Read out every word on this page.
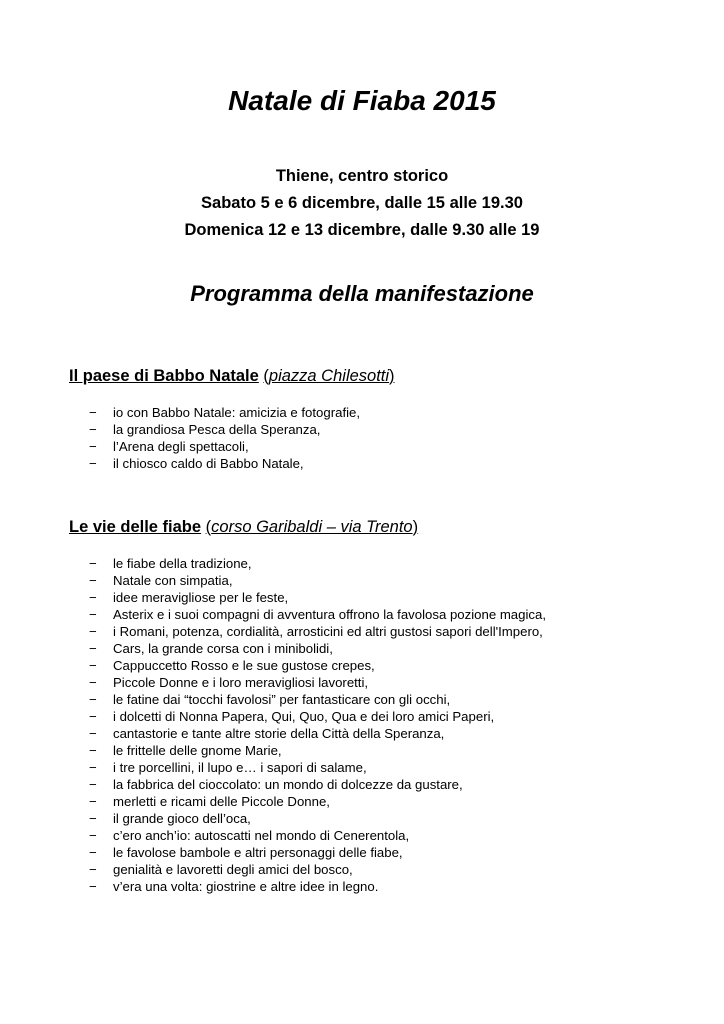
Natale di Fiaba 2015
Thiene, centro storico
Sabato 5 e 6 dicembre, dalle 15 alle 19.30
Domenica 12 e 13 dicembre, dalle 9.30 alle 19
Programma della manifestazione
Il paese di Babbo Natale (piazza Chilesotti)
−	io con Babbo Natale: amicizia e fotografie,
−	la grandiosa Pesca della Speranza,
−	l’Arena degli spettacoli,
−	il chiosco caldo di Babbo Natale,
Le vie delle fiabe (corso Garibaldi – via Trento)
−	le fiabe della tradizione,
−	Natale con simpatia,
−	idee meravigliose per le feste,
−	Asterix e i suoi compagni di avventura offrono la favolosa pozione magica,
−	i Romani, potenza, cordialità, arrosticini ed altri gustosi sapori dell'Impero,
−	Cars, la grande corsa con i minibolidi,
−	Cappuccetto Rosso e le sue gustose crepes,
−	Piccole Donne e i loro meravigliosi lavoretti,
−	le fatine dai “tocchi favolosi” per fantasticare con gli occhi,
−	i dolcetti di Nonna Papera, Qui, Quo, Qua e dei loro amici Paperi,
−	cantastorie e tante altre storie della Città della Speranza,
−	le frittelle delle gnome Marie,
−	i tre porcellini, il lupo e… i sapori di salame,
−	la fabbrica del cioccolato: un mondo di dolcezze da gustare,
−	merletti e ricami delle Piccole Donne,
−	il grande gioco dell’oca,
−	c’ero anch’io: autoscatti nel mondo di Cenerentola,
−	le favolose bambole e altri personaggi delle fiabe,
−	genialità e lavoretti degli amici del bosco,
−	v’era una volta: giostrine e altre idee in legno.
